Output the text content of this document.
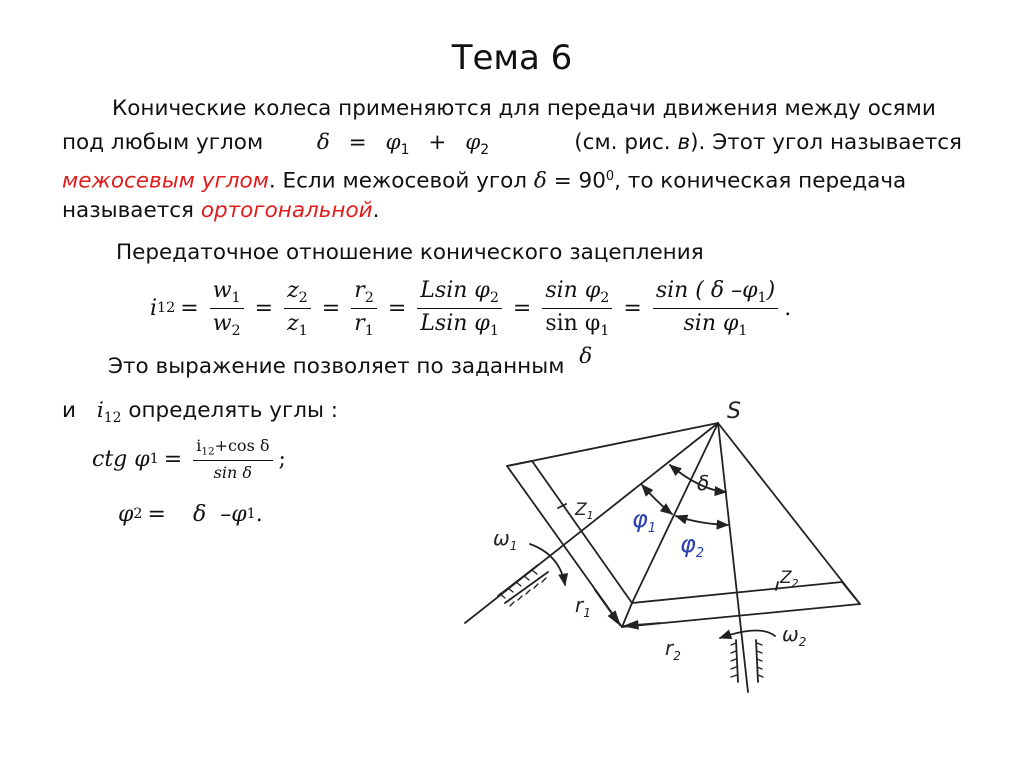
Тема 6
Конические колеса применяются для передачи движения между осями
под любым углом $\delta = \varphi_1 + \varphi_2$	(см. рис. в). Этот угол называется
межосевым углом. Если межосевой угол $\delta = 90^0$, то коническая передача
называется ортогональной.
Передаточное отношение конического зацепления
i $12 = \frac{w_1}{w_2} = \frac{z_2}{z_1} = \frac{r_2}{r_1} = \frac{Lsin \varphi_2}{Lsin \varphi_1} = \frac{\sin \varphi_2}{\sin \varphi_1} = \frac{\sin ( \delta -\varphi_1)}{\sin \varphi_1}$ .
Это выражение позволяет по заданным δ
и $i_{12}$ определять углы :
ctg φ $1 = \frac{i_{12}+\cos \delta}{\text{sin δ}}$ ;
φ 2 = δ –φ 1 .
S
δ
$Z_1$
$Z_2$
$\omega_1$
$\omega_2$
$r_1$
$r_2$
$\varphi_1$
$\varphi_2$
